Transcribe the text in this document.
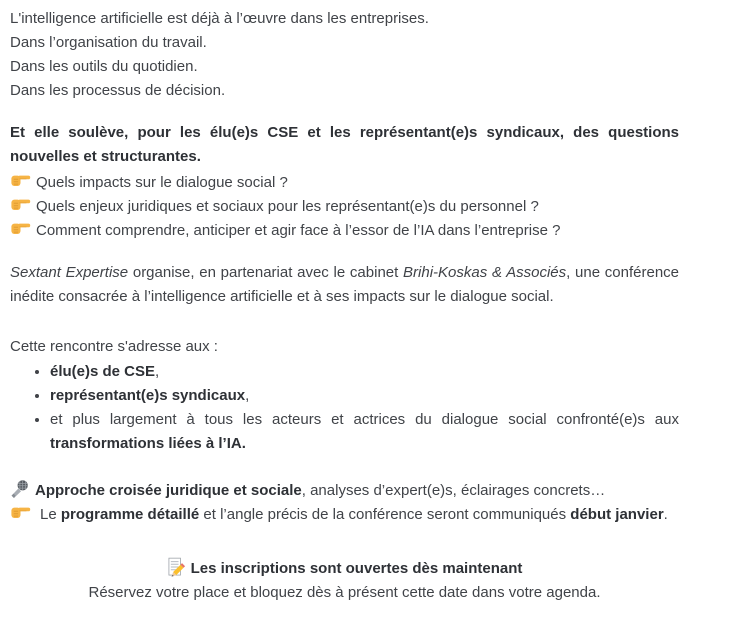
L'intelligence artificielle est déjà à l’œuvre dans les entreprises.

Dans l’organisation du travail.

Dans les outils du quotidien.

Dans les processus de décision.

Et elle soulève, pour les élu(e)s CSE et les représentant(e)s syndicaux, des questions nouvelles et structurantes.

Quels impacts sur le dialogue social ?

Quels enjeux juridiques et sociaux pour les représentant(e)s du personnel ?

Comment comprendre, anticiper et agir face à l’essor de l’IA dans l’entreprise ?

Sextant Expertise organise, en partenariat avec le cabinet Brihi-Koskas & Associés, une conférence inédite consacrée à l’intelligence artificielle et à ses impacts sur le dialogue social.

Cette rencontre s'adresse aux :

• élu(e)s de CSE,
• représentant(e)s syndicaux,
• et plus largement à tous les acteurs et actrices du dialogue social confronté(e)s aux transformations liées à l’IA.

Approche croisée juridique et sociale, analyses d’expert(e)s, éclairages concrets…

Le programme détaillé et l’angle précis de la conférence seront communiqués début janvier.

Les inscriptions sont ouvertes dès maintenant

Réservez votre place et bloquez dès à présent cette date dans votre agenda.
